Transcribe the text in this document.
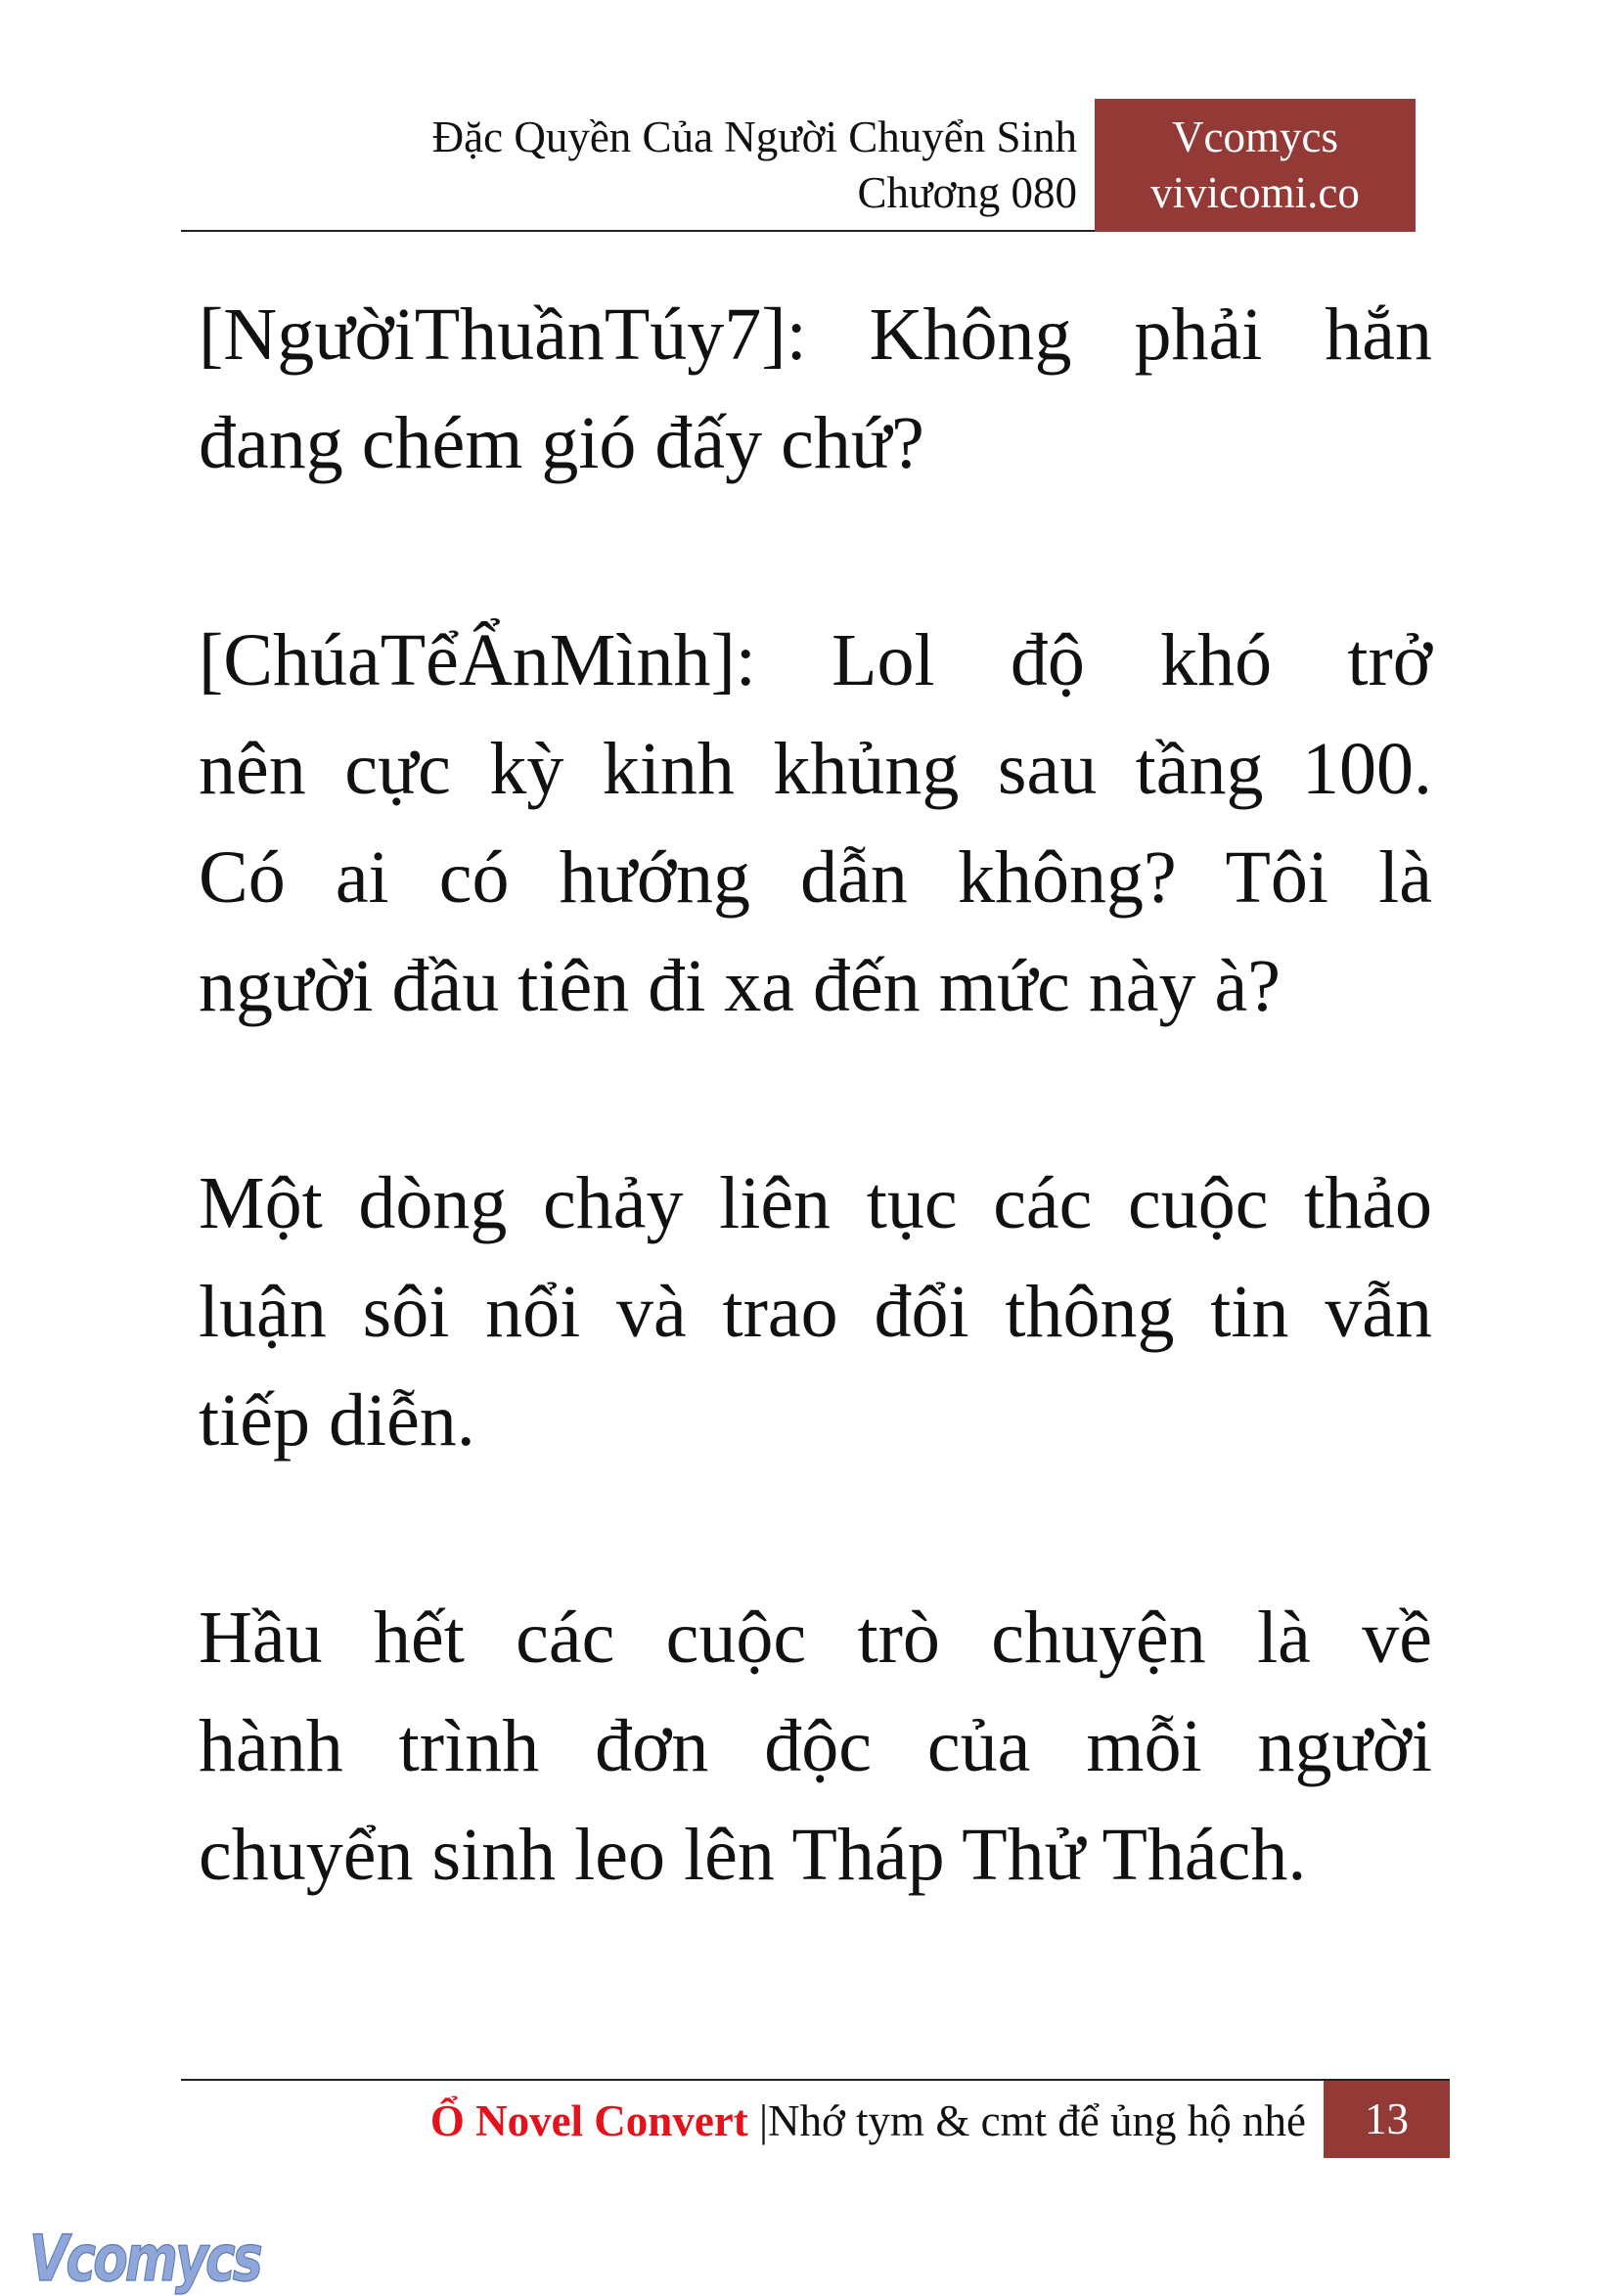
Đặc Quyền Của Người Chuyển Sinh
Chương 080
Vcomycs
vivicomi.co
[NgườiThuầnTúy7]: Không phải hắn
đang chém gió đấy chứ?
[ChúaTểẨnMình]: Lol độ khó trở
nên cực kỳ kinh khủng sau tầng 100.
Có ai có hướng dẫn không? Tôi là
người đầu tiên đi xa đến mức này à?
Một dòng chảy liên tục các cuộc thảo
luận sôi nổi và trao đổi thông tin vẫn
tiếp diễn.
Hầu hết các cuộc trò chuyện là về
hành trình đơn độc của mỗi người
chuyển sinh leo lên Tháp Thử Thách.
Ổ Novel Convert |Nhớ tym & cmt để ủng hộ nhé	13
Vcomycs
